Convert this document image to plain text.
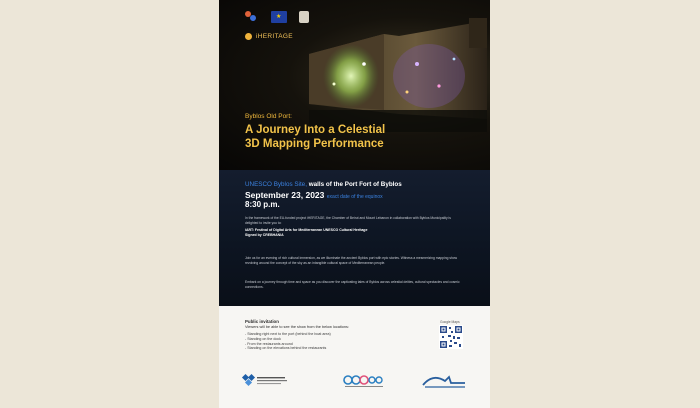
★
iHERITAGE
Byblos Old Port:
A Journey Into a Celestial
3D Mapping Performance
UNESCO Byblos Site, walls of the Port Fort of Byblos
September 23, 2023 exact date of the equinox
8:30 p.m.

In the framework of the EU-funded project iHERITAGE, the Chamber of Beirut and Mount Lebanon in collaboration with Byblos Municipality is delighted to invite you to:

iART: Festival of Digital Arts for Mediterranean UNESCO Cultural Heritage

Signed by CREBHANIA

Join us for an evening of rich cultural immersion, as we illuminate the ancient Byblos port with epic stories. Witness a mesmerizing mapping show revolving around the concept of the sky as an intangible cultural space of Mediterranean people.

Embark on a journey through time and space as you discover the captivating tales of Byblos across celestial deities, cultural spectacles and cosmic connections.

Public invitation
Viewers will be able to see the show from the below locations:
- Standing right next to the port (behind the boat area)
- Standing on the dock
- From the restaurants around
- Standing on the elevations behind the restaurants
Google Maps
